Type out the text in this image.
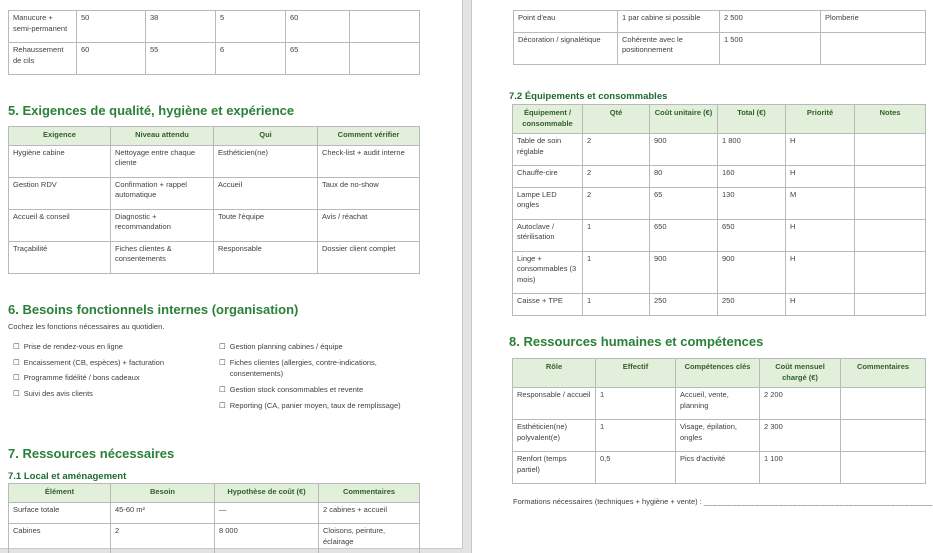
Manucure + semi-permanent	50	38	5	60	
Rehaussement de cils	60	55	6	65	
5. Exigences de qualité, hygiène et expérience
Exigence	Niveau attendu	Qui	Comment vérifier
Hygiène cabine	Nettoyage entre chaque cliente	Esthéticien(ne)	Check-list + audit interne
Gestion RDV	Confirmation + rappel automatique	Accueil	Taux de no-show
Accueil & conseil	Diagnostic + recommandation	Toute l'équipe	Avis / réachat
Traçabilité	Fiches clientes & consentements	Responsable	Dossier client complet
6. Besoins fonctionnels internes (organisation)
Cochez les fonctions nécessaires au quotidien.
☐ Prise de rendez-vous en ligne
☐ Encaissement (CB, espèces) + facturation
☐ Programme fidélité / bons cadeaux
☐ Suivi des avis clients
☐ Gestion planning cabines / équipe
☐ Fiches clientes (allergies, contre-indications, consentements)
☐ Gestion stock consommables et revente
☐ Reporting (CA, panier moyen, taux de remplissage)
7. Ressources nécessaires
7.1 Local et aménagement
Élément	Besoin	Hypothèse de coût (€)	Commentaires
Surface totale	45-60 m²	—	2 cabines + accueil
Cabines	2	8 000	Cloisons, peinture, éclairage
Point d'eau	1 par cabine si possible	2 500	Plomberie
Décoration / signalétique	Cohérente avec le positionnement	1 500	
7.2 Équipements et consommables
Équipement / consommable	Qté	Coût unitaire (€)	Total (€)	Priorité	Notes
Table de soin réglable	2	900	1 800	H	
Chauffe-cire	2	80	160	H	
Lampe LED ongles	2	65	130	M	
Autoclave / stérilisation	1	650	650	H	
Linge + consommables (3 mois)	1	900	900	H	
Caisse + TPE	1	250	250	H	
8. Ressources humaines et compétences
Rôle	Effectif	Compétences clés	Coût mensuel chargé (€)	Commentaires
Responsable / accueil	1	Accueil, vente, planning	2 200	
Esthéticien(ne) polyvalent(e)	1	Visage, épilation, ongles	2 300	
Renfort (temps partiel)	0,5	Pics d'activité	1 100	
Formations nécessaires (techniques + hygiène + vente) : _________________________________________________
